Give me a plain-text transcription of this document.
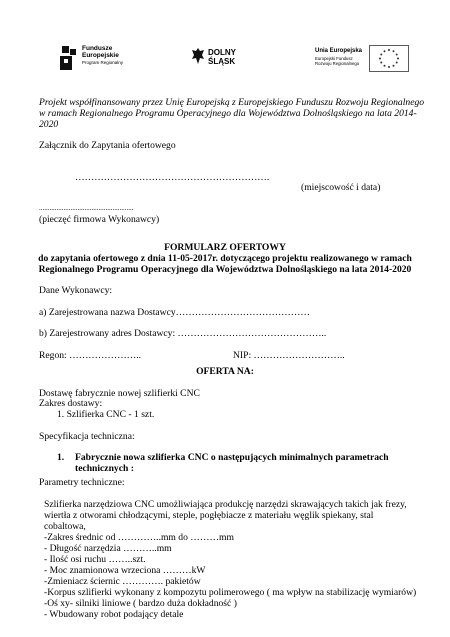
Fundusze
Europejskie
Program Regionalny
DOLNY
ŚLĄSK
Unia Europejska
Europejski Fundusz
Rozwoju Regionalnego
Projekt współfinansowany przez Unię Europejską z Europejskiego Funduszu Rozwoju Regionalnego
w ramach Regionalnego Programu Operacyjnego dla Województwa Dolnośląskiego na lata 2014-
2020
Załącznik do Zapytania ofertowego
…………………………………………………….
(miejscowość i data)
......................................................
(pieczęć firmowa Wykonawcy)
FORMULARZ OFERTOWY
do zapytania ofertowego z dnia 11-05-2017r. dotyczącego projektu realizowanego w ramach
Regionalnego Programu Operacyjnego dla Województwa Dolnośląskiego na lata 2014-2020
Dane Wykonawcy:
a) Zarejestrowana nazwa Dostawcy……………………………………
b) Zarejestrowany adres Dostawcy: ………………………………………..
Regon: …………………..	NIP: ………………………..
OFERTA NA:
Dostawę fabrycznie nowej szlifierki CNC
Zakres dostawy:
1. Szlifierka CNC - 1 szt.
Specyfikacja techniczna:
1. Fabrycznie nowa szlifierka CNC o następujących minimalnych parametrach
technicznych :
Parametry techniczne:
Szlifierka narzędziowa CNC umożliwiająca produkcję narzędzi skrawających takich jak frezy,
wiertła z otworami chłodzącymi, steple, pogłębiacze z materiału węglik spiekany, stal
cobaltowa,
-Zakres średnic od …………..mm do ………mm
- Długość narzędzia ………..mm
- Ilość osi ruchu ……..szt.
- Moc znamionowa wrzeciona ………kW
-Zmieniacz ściernic …………. pakietów
-Korpus szlifierki wykonany z kompozytu polimerowego ( ma wpływ na stabilizację wymiarów)
-Oś xy- silniki liniowe ( bardzo duża dokładność )
- Wbudowany robot podający detale
